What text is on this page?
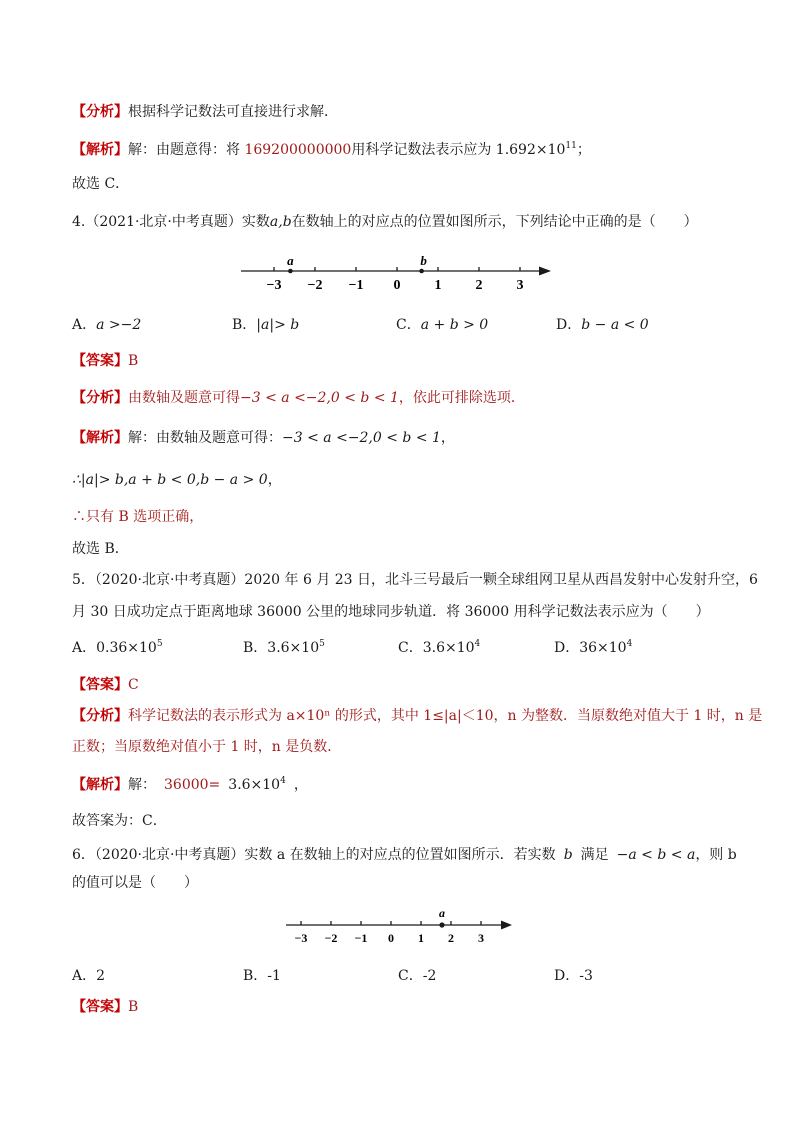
【分析】根据科学记数法可直接进行求解．
【解析】解：由题意得：将 169200000000用科学记数法表示应为 $1.692\times 10^{11}$；
故选 C．
4.（2021·北京·中考真题）实数a,b在数轴上的对应点的位置如图所示，下列结论中正确的是（　　）
−3 −2 −1 0 1 2 3
a	b
A．a >−2	B．|a|> b	C．a + b > 0	D．b − a < 0
【答案】B
【分析】由数轴及题意可得−3 < a <−2,0 < b < 1，依此可排除选项．
【解析】解：由数轴及题意可得：−3 < a <−2,0 < b < 1，
∴|a|> b,a + b < 0,b − a > 0，
∴只有 B 选项正确，
故选 B．
5．（2020·北京·中考真题）2020 年 6 月 23 日，北斗三号最后一颗全球组网卫星从西昌发射中心发射升空，6
月 30 日成功定点于距离地球 36000 公里的地球同步轨道．将 36000 用科学记数法表示应为（　　）
A．$0.36\times 10^5$	B．$3.6\times 10^5$	C．$3.6\times 10^4$	D．$36\times 10^4$
【答案】C
【分析】科学记数法的表示形式为 a×10ⁿ 的形式，其中 1≤|a|＜10，n 为整数．当原数绝对值大于 1 时，n 是
正数；当原数绝对值小于 1 时，n 是负数．
【解析】解： $36000= 3.6\times 10^4$ ，
故答案为：C．
6．（2020·北京·中考真题）实数 a 在数轴上的对应点的位置如图所示．若实数 b 满足 −a < b < a，则 b
的值可以是（　　）
−3 −2 −1 0 1 2 3
a
A．2	B．-1	C．-2	D．-3
【答案】B
